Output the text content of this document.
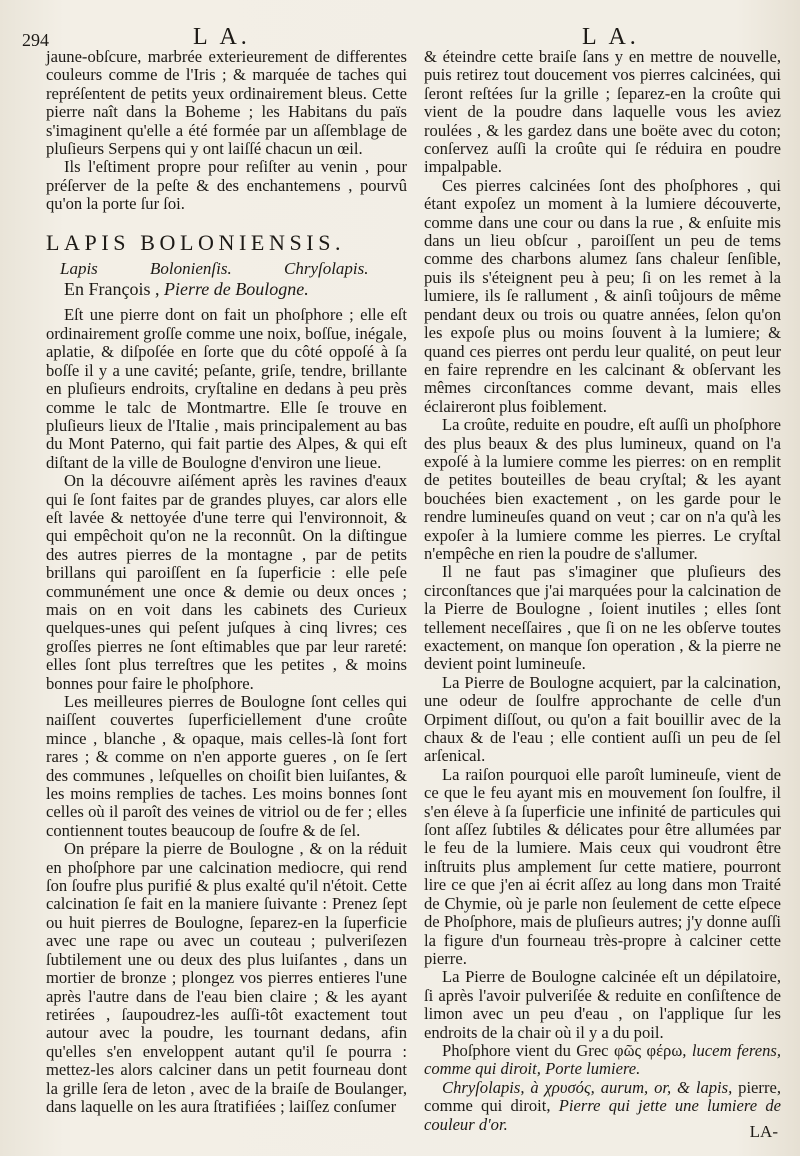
294	L A.	L A.

jaune-obſcure, marbrée exterieurement de differentes couleurs comme de l'Iris ; & marquée de taches qui repréſentent de petits yeux ordinairement bleus. Cette pierre naît dans la Boheme ; les Habitans du païs s'imaginent qu'elle a été formée par un aſſemblage de pluſieurs Serpens qui y ont laiſſé chacun un œil.

Ils l'eſtiment propre pour reſiſter au venin , pour préſerver de la peſte & des enchantemens , pourvû qu'on la porte ſur ſoi.

LAPIS BOLONIENSIS.
Lapis Bolonienſis.	Chryſolapis.
En François , Pierre de Boulogne.

Eſt une pierre dont on fait un phoſphore ; elle eſt ordinairement groſſe comme une noix, boſſue, inégale, aplatie, & diſpoſée en ſorte que du côté oppoſé à ſa boſſe il y a une cavité; peſante, griſe, tendre, brillante en pluſieurs endroits, cryſtaline en dedans à peu près comme le talc de Montmartre. Elle ſe trouve en pluſieurs lieux de l'Italie , mais principalement au bas du Mont Paterno, qui fait partie des Alpes, & qui eſt diſtant de la ville de Boulogne d'environ une lieue.

On la découvre aiſément après les ravines d'eaux qui ſe ſont faites par de grandes pluyes, car alors elle eſt lavée & nettoyée d'une terre qui l'environnoit, & qui empêchoit qu'on ne la reconnût. On la diſtingue des autres pierres de la montagne , par de petits brillans qui paroiſſent en ſa ſuperficie : elle peſe communément une once & demie ou deux onces ; mais on en voit dans les cabinets des Curieux quelques-unes qui peſent juſques à cinq livres; ces groſſes pierres ne ſont eſtimables que par leur rareté: elles ſont plus terreſtres que les petites , & moins bonnes pour faire le phoſphore.

Les meilleures pierres de Boulogne ſont celles qui naiſſent couvertes ſuperficiellement d'une croûte mince , blanche , & opaque, mais celles-là ſont fort rares ; & comme on n'en apporte gueres , on ſe ſert des communes , leſquelles on choiſit bien luiſantes, & les moins remplies de taches. Les moins bonnes ſont celles où il paroît des veines de vitriol ou de fer ; elles contiennent toutes beaucoup de ſoufre & de ſel.

On prépare la pierre de Boulogne , & on la réduit en phoſphore par une calcination mediocre, qui rend ſon ſoufre plus purifié & plus exalté qu'il n'étoit. Cette calcination ſe fait en la maniere ſuivante : Prenez ſept ou huit pierres de Boulogne, ſeparez-en la ſuperficie avec une rape ou avec un couteau ; pulveriſezen ſubtilement une ou deux des plus luiſantes , dans un mortier de bronze ; plongez vos pierres entieres l'une après l'autre dans de l'eau bien claire ; & les ayant retirées , ſaupoudrez-les auſſi-tôt exactement tout autour avec la poudre, les tournant dedans, afin qu'elles s'en enveloppent autant qu'il ſe pourra : mettez-les alors calciner dans un petit fourneau dont la grille ſera de leton , avec de la braiſe de Boulanger, dans laquelle on les aura ſtratifiées ; laiſſez conſumer

& éteindre cette braiſe ſans y en mettre de nouvelle, puis retirez tout doucement vos pierres calcinées, qui ſeront reſtées ſur la grille ; ſeparez-en la croûte qui vient de la poudre dans laquelle vous les aviez roulées , & les gardez dans une boëte avec du coton; conſervez auſſi la croûte qui ſe réduira en poudre impalpable.

Ces pierres calcinées ſont des phoſphores , qui étant expoſez un moment à la lumiere découverte, comme dans une cour ou dans la rue , & enſuite mis dans un lieu obſcur , paroiſſent un peu de tems comme des charbons alumez ſans chaleur ſenſible, puis ils s'éteignent peu à peu; ſi on les remet à la lumiere, ils ſe rallument , & ainſi toûjours de même pendant deux ou trois ou quatre années, ſelon qu'on les expoſe plus ou moins ſouvent à la lumiere; & quand ces pierres ont perdu leur qualité, on peut leur en faire reprendre en les calcinant & obſervant les mêmes circonſtances comme devant, mais elles éclaireront plus foiblement.

La croûte, reduite en poudre, eſt auſſi un phoſphore des plus beaux & des plus lumineux, quand on l'a expoſé à la lumiere comme les pierres: on en remplit de petites bouteilles de beau cryſtal; & les ayant bouchées bien exactement , on les garde pour le rendre lumineuſes quand on veut ; car on n'a qu'à les expoſer à la lumiere comme les pierres. Le cryſtal n'empêche en rien la poudre de s'allumer.

Il ne faut pas s'imaginer que pluſieurs des circonſtances que j'ai marquées pour la calcination de la Pierre de Boulogne , ſoient inutiles ; elles ſont tellement neceſſaires , que ſi on ne les obſerve toutes exactement, on manque ſon operation , & la pierre ne devient point lumineuſe.

La Pierre de Boulogne acquiert, par la calcination, une odeur de ſoulfre approchante de celle d'un Orpiment diſſout, ou qu'on a fait bouillir avec de la chaux & de l'eau ; elle contient auſſi un peu de ſel arſenical.

La raiſon pourquoi elle paroît lumineuſe, vient de ce que le feu ayant mis en mouvement ſon ſoulfre, il s'en éleve à ſa ſuperficie une infinité de particules qui ſont aſſez ſubtiles & délicates pour être allumées par le feu de la lumiere. Mais ceux qui voudront être inſtruits plus amplement ſur cette matiere, pourront lire ce que j'en ai écrit aſſez au long dans mon Traité de Chymie, où je parle non ſeulement de cette eſpece de Phoſphore, mais de pluſieurs autres; j'y donne auſſi la figure d'un fourneau très-propre à calciner cette pierre.

La Pierre de Boulogne calcinée eſt un dépilatoire, ſi après l'avoir pulveriſée & reduite en conſiſtence de limon avec un peu d'eau , on l'applique ſur les endroits de la chair où il y a du poil.

Phoſphore vient du Grec φῶς φέρω, lucem ferens, comme qui diroit, Porte lumiere.

Chryſolapis, à χρυσός, aurum, or, & lapis, pierre, comme qui diroit, Pierre qui jette une lumiere de couleur d'or.	LA-
